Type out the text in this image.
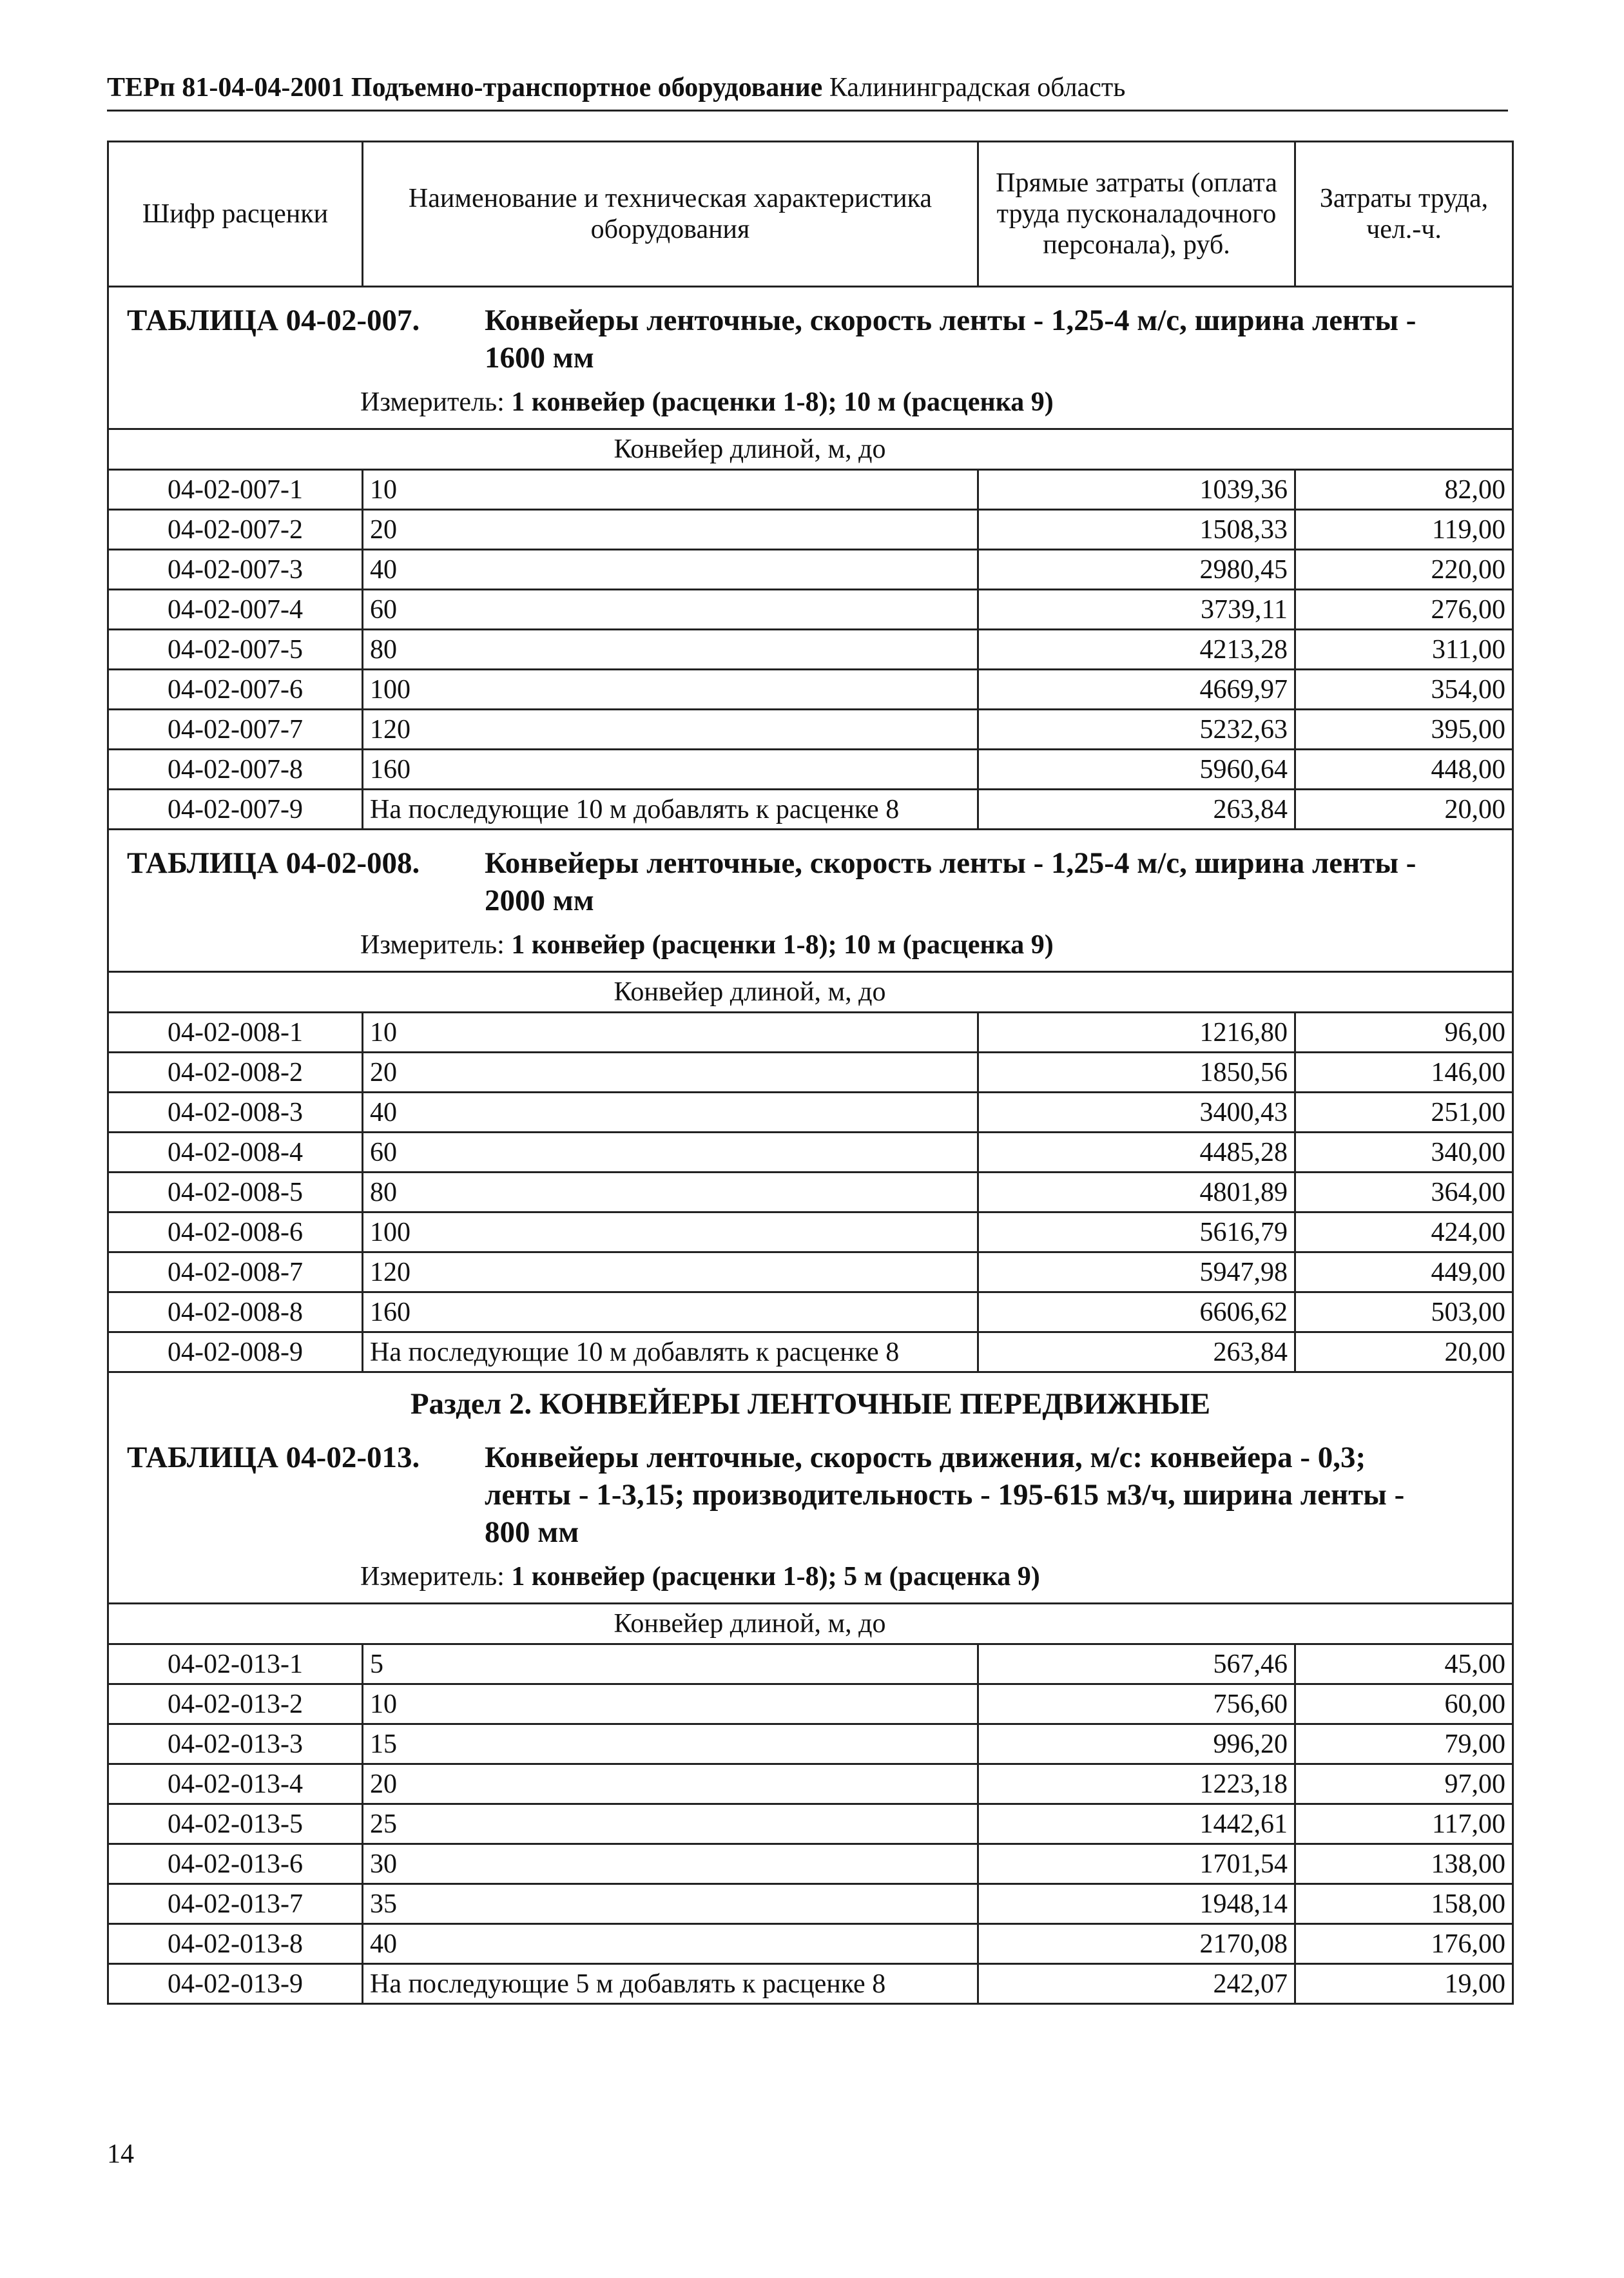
ТЕРп 81-04-04-2001 Подъемно-транспортное оборудование Калининградская область
Шифр расценки	Наименование и техническая характеристика оборудования	Прямые затраты (оплата труда пусконаладочного персонала), руб.	Затраты труда, чел.-ч.

ТАБЛИЦА 04-02-007. Конвейеры ленточные, скорость ленты - 1,25-4 м/с, ширина ленты - 1600 мм
Измеритель: 1 конвейер (расценки 1-8); 10 м (расценка 9)			

	Конвейер длиной, м, до		
04-02-007-1	10	1039,36	82,00
04-02-007-2	20	1508,33	119,00
04-02-007-3	40	2980,45	220,00
04-02-007-4	60	3739,11	276,00
04-02-007-5	80	4213,28	311,00
04-02-007-6	100	4669,97	354,00
04-02-007-7	120	5232,63	395,00
04-02-007-8	160	5960,64	448,00
04-02-007-9	На последующие 10 м добавлять к расценке 8	263,84	20,00

ТАБЛИЦА 04-02-008. Конвейеры ленточные, скорость ленты - 1,25-4 м/с, ширина ленты - 2000 мм
Измеритель: 1 конвейер (расценки 1-8); 10 м (расценка 9)			

	Конвейер длиной, м, до		
04-02-008-1	10	1216,80	96,00
04-02-008-2	20	1850,56	146,00
04-02-008-3	40	3400,43	251,00
04-02-008-4	60	4485,28	340,00
04-02-008-5	80	4801,89	364,00
04-02-008-6	100	5616,79	424,00
04-02-008-7	120	5947,98	449,00
04-02-008-8	160	6606,62	503,00
04-02-008-9	На последующие 10 м добавлять к расценке 8	263,84	20,00

Раздел 2. КОНВЕЙЕРЫ ЛЕНТОЧНЫЕ ПЕРЕДВИЖНЫЕ
ТАБЛИЦА 04-02-013. Конвейеры ленточные, скорость движения, м/с: конвейера - 0,3; ленты - 1-3,15; производительность - 195-615 м3/ч, ширина ленты - 800 мм
Измеритель: 1 конвейер (расценки 1-8); 5 м (расценка 9)			

	Конвейер длиной, м, до		
04-02-013-1	5	567,46	45,00
04-02-013-2	10	756,60	60,00
04-02-013-3	15	996,20	79,00
04-02-013-4	20	1223,18	97,00
04-02-013-5	25	1442,61	117,00
04-02-013-6	30	1701,54	138,00
04-02-013-7	35	1948,14	158,00
04-02-013-8	40	2170,08	176,00
04-02-013-9	На последующие 5 м добавлять к расценке 8	242,07	19,00
14
